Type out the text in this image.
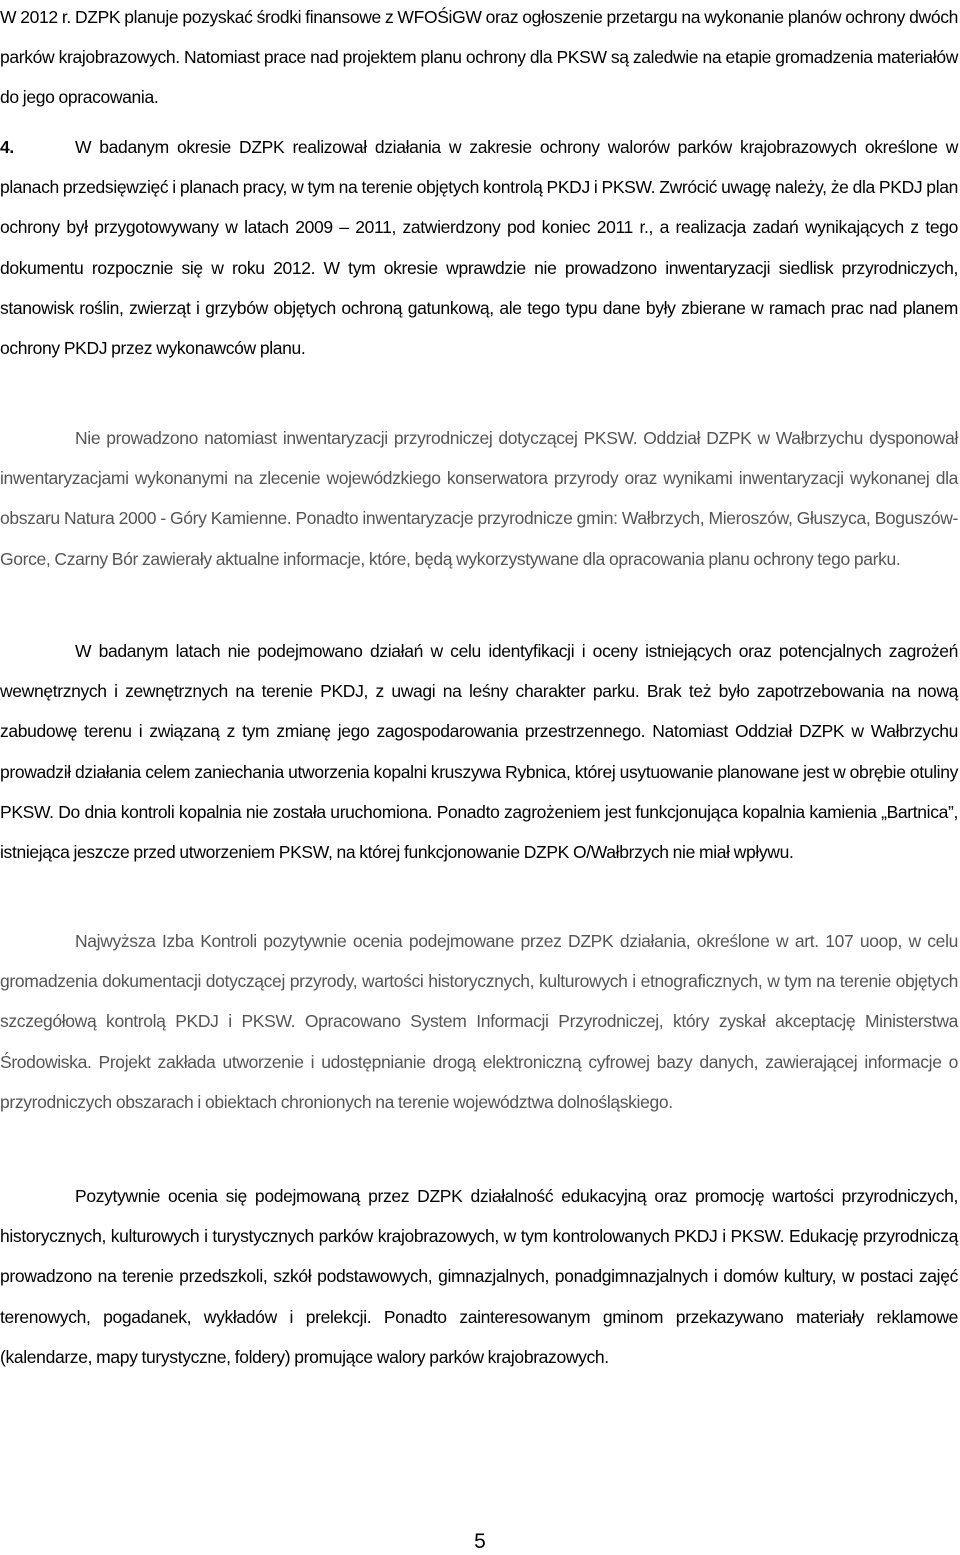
W 2012 r. DZPK planuje pozyskać środki finansowe z WFOŚiGW oraz ogłoszenie przetargu na wykonanie planów ochrony dwóch parków krajobrazowych. Natomiast prace nad projektem planu ochrony dla PKSW są zaledwie na etapie gromadzenia materiałów do jego opracowania.

4.	W badanym okresie DZPK realizował działania w zakresie ochrony walorów parków krajobrazowych określone w planach przedsięwzięć i planach pracy, w tym na terenie objętych kontrolą PKDJ i PKSW. Zwrócić uwagę należy, że dla PKDJ plan ochrony był przygotowywany w latach 2009 – 2011, zatwierdzony pod koniec 2011 r., a realizacja zadań wynikających z tego dokumentu rozpocznie się w roku 2012. W tym okresie wprawdzie nie prowadzono inwentaryzacji siedlisk przyrodniczych, stanowisk roślin, zwierząt i grzybów objętych ochroną gatunkową, ale tego typu dane były zbierane w ramach prac nad planem ochrony PKDJ przez wykonawców planu.

Nie prowadzono natomiast inwentaryzacji przyrodniczej dotyczącej PKSW. Oddział DZPK w Wałbrzychu dysponował inwentaryzacjami wykonanymi na zlecenie wojewódzkiego konserwatora przyrody oraz wynikami inwentaryzacji wykonanej dla obszaru Natura 2000 - Góry Kamienne. Ponadto inwentaryzacje przyrodnicze gmin: Wałbrzych, Mieroszów, Głuszyca, Boguszów-Gorce, Czarny Bór zawierały aktualne informacje, które, będą wykorzystywane dla opracowania planu ochrony tego parku.

W badanym latach nie podejmowano działań w celu identyfikacji i oceny istniejących oraz potencjalnych zagrożeń wewnętrznych i zewnętrznych na terenie PKDJ, z uwagi na leśny charakter parku. Brak też było zapotrzebowania na nową zabudowę terenu i związaną z tym zmianę jego zagospodarowania przestrzennego. Natomiast Oddział DZPK w Wałbrzychu prowadził działania celem zaniechania utworzenia kopalni kruszywa Rybnica, której usytuowanie planowane jest w obrębie otuliny PKSW. Do dnia kontroli kopalnia nie została uruchomiona. Ponadto zagrożeniem jest funkcjonująca kopalnia kamienia „Bartnica”, istniejąca jeszcze przed utworzeniem PKSW, na której funkcjonowanie DZPK O/Wałbrzych nie miał wpływu.

Najwyższa Izba Kontroli pozytywnie ocenia podejmowane przez DZPK działania, określone w art. 107 uoop, w celu gromadzenia dokumentacji dotyczącej przyrody, wartości historycznych, kulturowych i etnograficznych, w tym na terenie objętych szczegółową kontrolą PKDJ i PKSW. Opracowano System Informacji Przyrodniczej, który zyskał akceptację Ministerstwa Środowiska. Projekt zakłada utworzenie i udostępnianie drogą elektroniczną cyfrowej bazy danych, zawierającej informacje o przyrodniczych obszarach i obiektach chronionych na terenie województwa dolnośląskiego.

Pozytywnie ocenia się podejmowaną przez DZPK działalność edukacyjną oraz promocję wartości przyrodniczych, historycznych, kulturowych i turystycznych parków krajobrazowych, w tym kontrolowanych PKDJ i PKSW. Edukację przyrodniczą prowadzono na terenie przedszkoli, szkół podstawowych, gimnazjalnych, ponadgimnazjalnych i domów kultury, w postaci zajęć terenowych, pogadanek, wykładów i prelekcji. Ponadto zainteresowanym gminom przekazywano materiały reklamowe (kalendarze, mapy turystyczne, foldery) promujące walory parków krajobrazowych.

5
